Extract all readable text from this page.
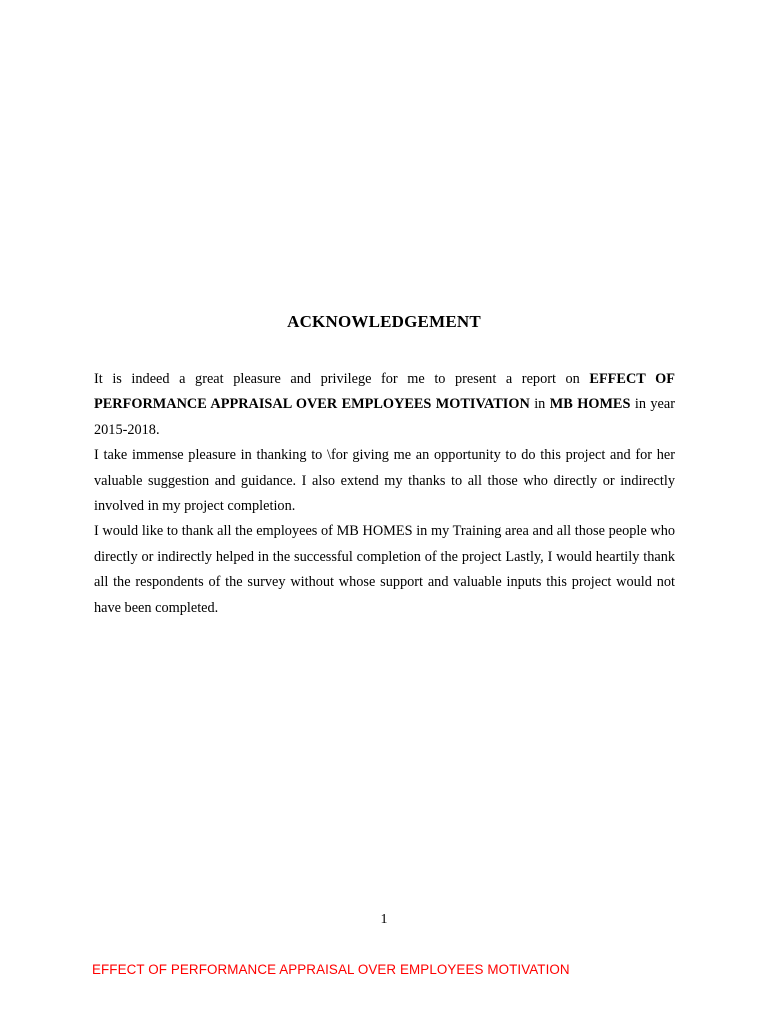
ACKNOWLEDGEMENT

It is indeed a great pleasure and privilege for me to present a report on EFFECT OF PERFORMANCE APPRAISAL OVER EMPLOYEES MOTIVATION in MB HOMES in year 2015-2018.

I take immense pleasure in thanking to \for giving me an opportunity to do this project and for her valuable suggestion and guidance. I also extend my thanks to all those who directly or indirectly involved in my project completion.

I would like to thank all the employees of MB HOMES in my Training area and all those people who directly or indirectly helped in the successful completion of the project Lastly, I would heartily thank all the respondents of the survey without whose support and valuable inputs this project would not have been completed.

1
EFFECT OF PERFORMANCE APPRAISAL OVER EMPLOYEES MOTIVATION
